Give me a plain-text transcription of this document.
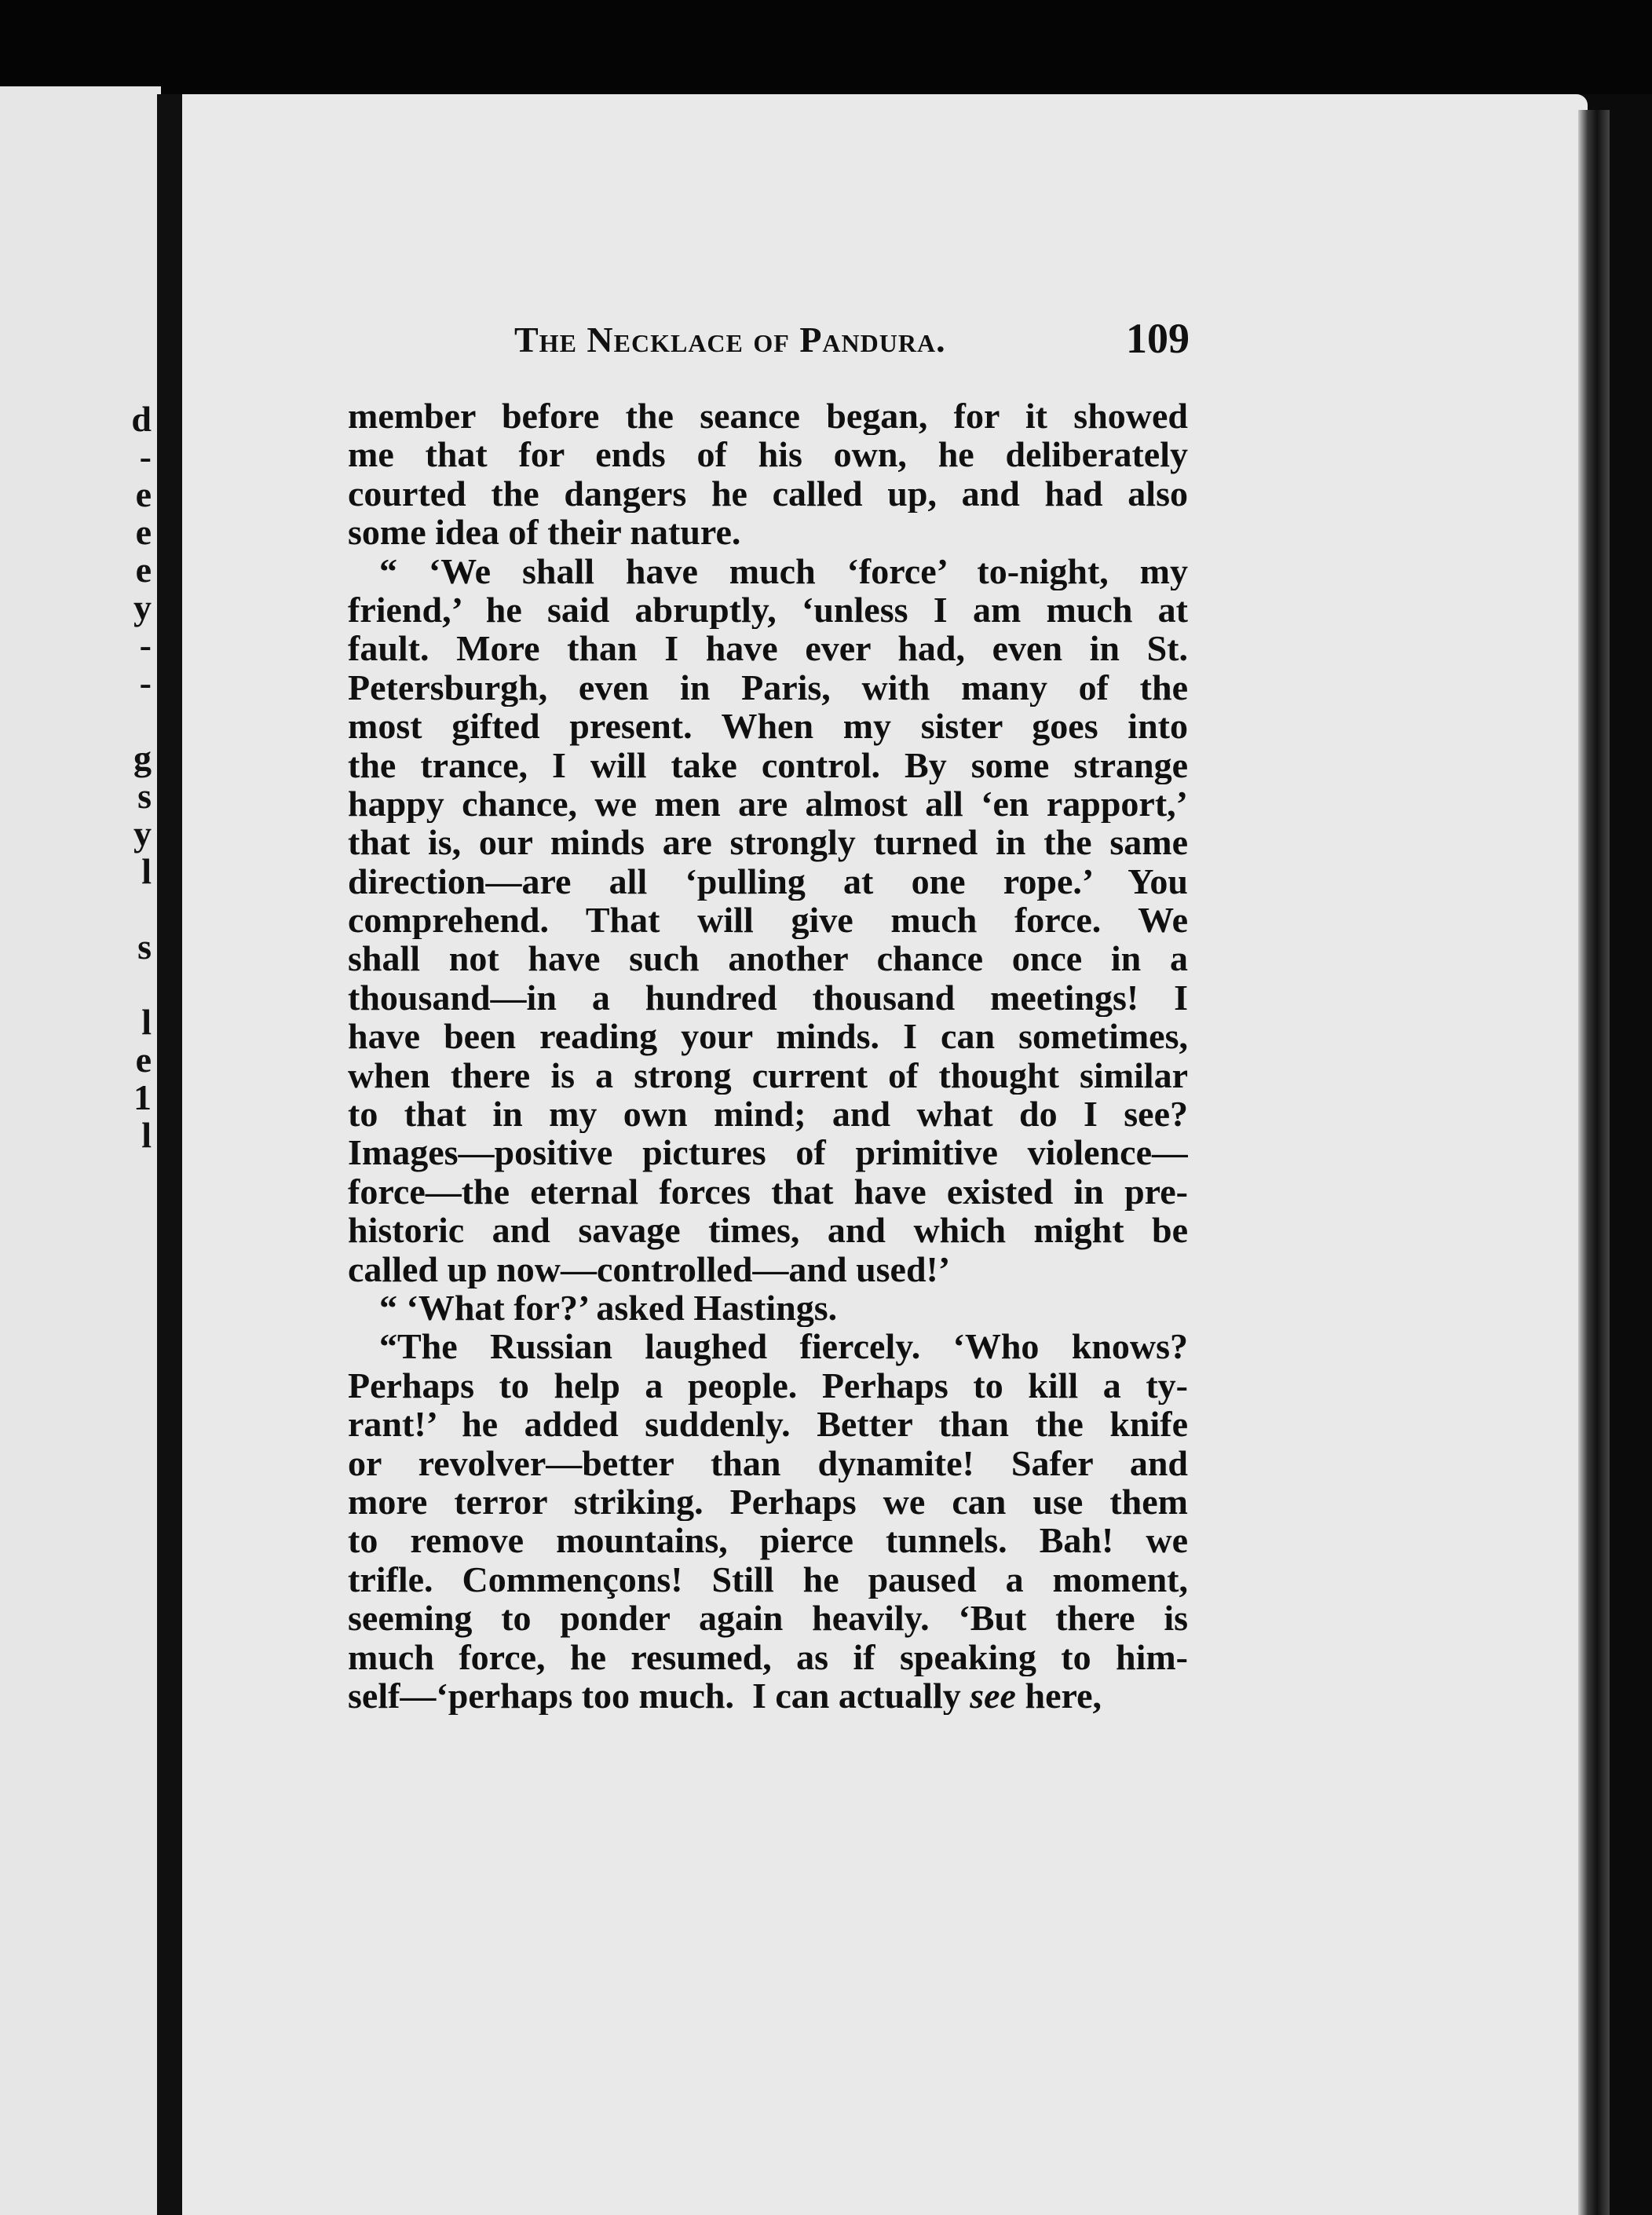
d
-
e
e
e
y
-
-
g
s
y
l
s
l
e
1
l
The Necklace of Pandura.	109
member before the seance began, for it showed
me that for ends of his own, he deliberately
courted the dangers he called up, and had also
some idea of their nature.
“ ‘We shall have much ‘force’ to-night, my
friend,’ he said abruptly, ‘unless I am much at
fault. More than I have ever had, even in St.
Petersburgh, even in Paris, with many of the
most gifted present. When my sister goes into
the trance, I will take control. By some strange
happy chance, we men are almost all ‘en rapport,’
that is, our minds are strongly turned in the same
direction—are all ‘pulling at one rope.’ You
comprehend. That will give much force. We
shall not have such another chance once in a
thousand—in a hundred thousand meetings! I
have been reading your minds. I can sometimes,
when there is a strong current of thought similar
to that in my own mind; and what do I see?
Images—positive pictures of primitive violence—
force—the eternal forces that have existed in pre-
historic and savage times, and which might be
called up now—controlled—and used!’
“ ‘What for?’ asked Hastings.
“The Russian laughed fiercely. ‘Who knows?
Perhaps to help a people. Perhaps to kill a ty-
rant!’ he added suddenly. Better than the knife
or revolver—better than dynamite! Safer and
more terror striking. Perhaps we can use them
to remove mountains, pierce tunnels. Bah! we
trifle. Commençons! Still he paused a moment,
seeming to ponder again heavily. ‘But there is
much force, he resumed, as if speaking to him-
self—‘perhaps too much.  I can actually see here,
